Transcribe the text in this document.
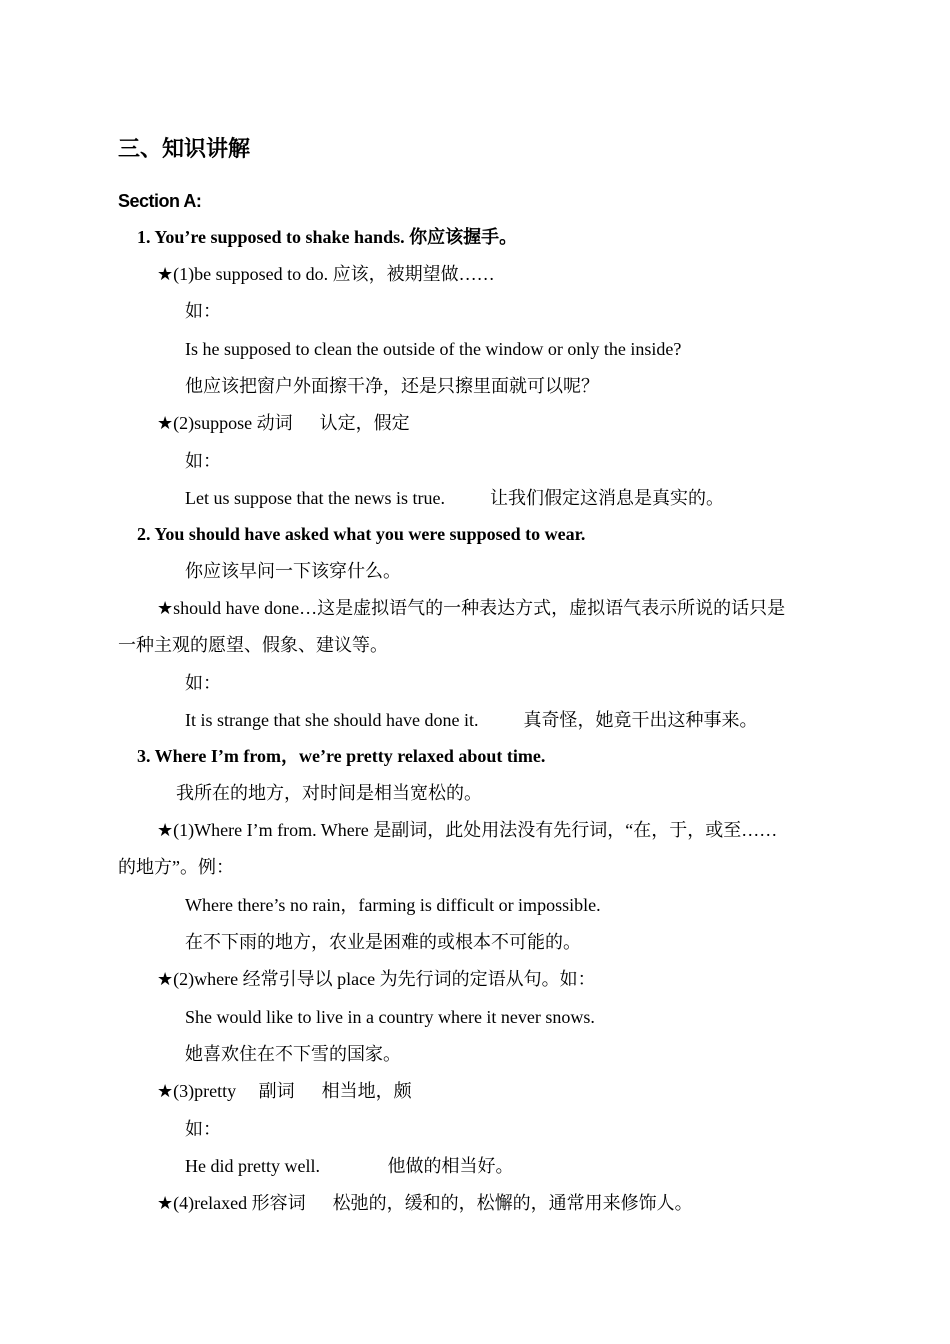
三、知识讲解
Section A:
1. You’re supposed to shake hands. 你应该握手。
★(1)be supposed to do. 应该，被期望做……
如：
Is he supposed to clean the outside of the window or only the inside?
他应该把窗户外面擦干净，还是只擦里面就可以呢？
★(2)suppose 动词      认定，假定
如：
Let us suppose that the news is true.          让我们假定这消息是真实的。
2. You should have asked what you were supposed to wear.
你应该早问一下该穿什么。
★should have done…这是虚拟语气的一种表达方式，虚拟语气表示所说的话只是
一种主观的愿望、假象、建议等。
如：
It is strange that she should have done it.          真奇怪，她竟干出这种事来。
3. Where I’m from，we’re pretty relaxed about time.
我所在的地方，对时间是相当宽松的。
★(1)Where I’m from. Where 是副词，此处用法没有先行词，“在，于，或至……
的地方”。例：
Where there’s no rain，farming is difficult or impossible.
在不下雨的地方，农业是困难的或根本不可能的。
★(2)where 经常引导以 place 为先行词的定语从句。如：
She would like to live in a country where it never snows.
她喜欢住在不下雪的国家。
★(3)pretty     副词      相当地，颇
如：
He did pretty well.               他做的相当好。
★(4)relaxed 形容词      松弛的，缓和的，松懈的，通常用来修饰人。
